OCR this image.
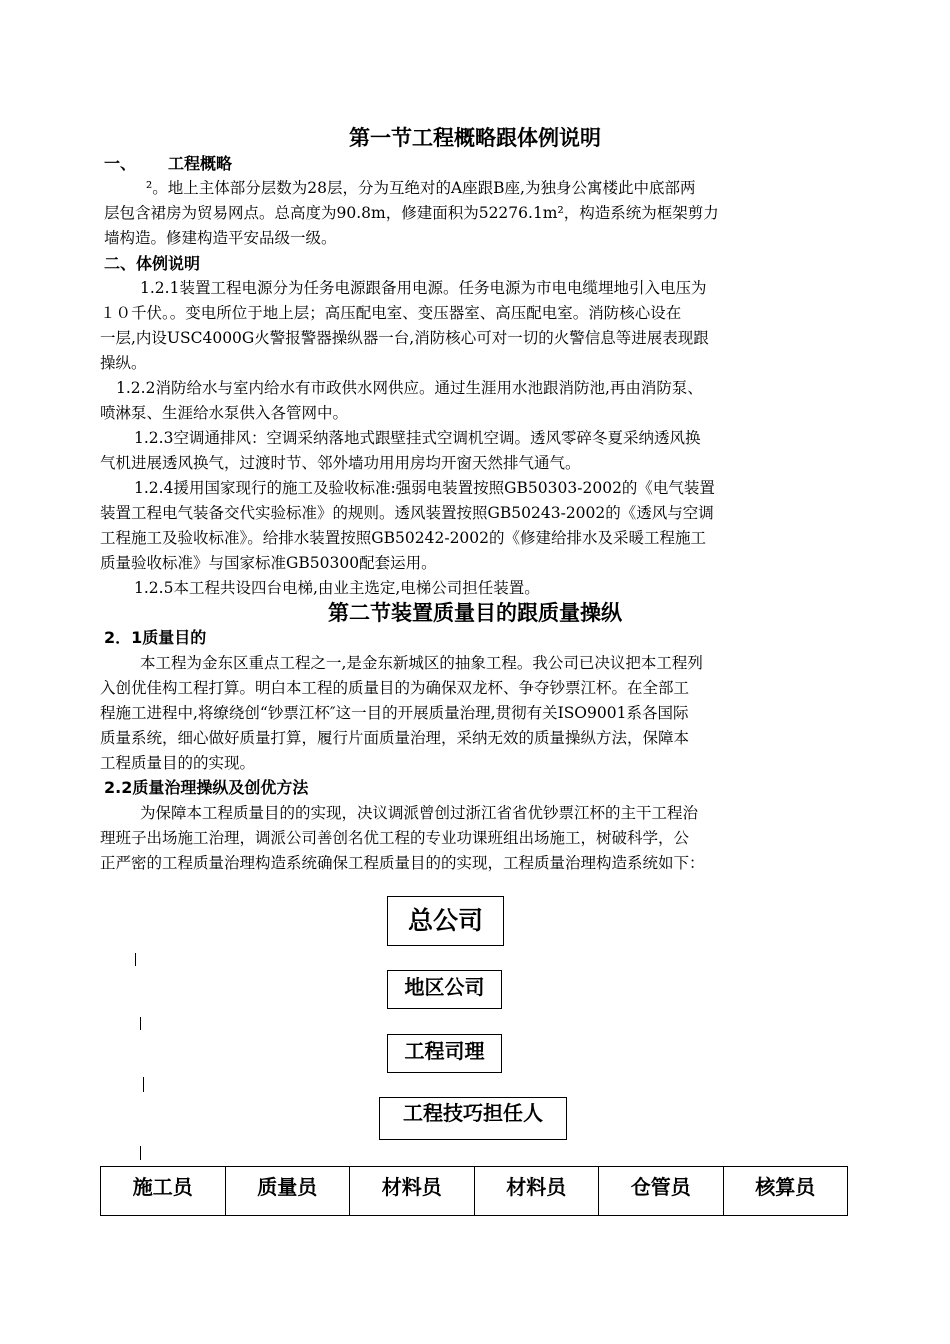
第一节工程概略跟体例说明
一、 工程概略
²。地上主体部分层数为28层，分为互绝对的A座跟B座,为独身公寓楼此中底部两
层包含裙房为贸易网点。总高度为90.8m，修建面积为52276.1m²，构造系统为框架剪力
墙构造。修建构造平安品级一级。
二、体例说明
1.2.1装置工程电源分为任务电源跟备用电源。任务电源为市电电缆埋地引入电压为
１０千伏。。变电所位于地上层；高压配电室、变压器室、高压配电室。消防核心设在
一层,内设USC4000G火警报警器操纵器一台,消防核心可对一切的火警信息等进展表现跟
操纵。
1.2.2消防给水与室内给水有市政供水网供应。通过生涯用水池跟消防池,再由消防泵、
喷淋泵、生涯给水泵供入各管网中。
1.2.3空调通排风：空调采纳落地式跟壁挂式空调机空调。透风零碎冬夏采纳透风换
气机进展透风换气，过渡时节、邻外墙功用用房均开窗天然排气通气。
1.2.4援用国家现行的施工及验收标准:强弱电装置按照GB50303-2002的《电气装置
装置工程电气装备交代实验标准》的规则。透风装置按照GB50243-2002的《透风与空调
工程施工及验收标准》。给排水装置按照GB50242-2002的《修建给排水及采暖工程施工
质量验收标准》与国家标准GB50300配套运用。
1.2.5本工程共设四台电梯,由业主选定,电梯公司担任装置。
第二节装置质量目的跟质量操纵
2．1质量目的
本工程为金东区重点工程之一,是金东新城区的抽象工程。我公司已决议把本工程列
入创优佳构工程打算。明白本工程的质量目的为确保双龙杯、争夺钞票江杯。在全部工
程施工进程中,将缭绕创“钞票江杯″这一目的开展质量治理,贯彻有关ISO9001系各国际
质量系统，细心做好质量打算，履行片面质量治理，采纳无效的质量操纵方法，保障本
工程质量目的的实现。
2.2质量治理操纵及创优方法
为保障本工程质量目的的实现，决议调派曾创过浙江省省优钞票江杯的主干工程治
理班子出场施工治理，调派公司善创名优工程的专业功课班组出场施工，树破科学，公
正严密的工程质量治理构造系统确保工程质量目的的实现，工程质量治理构造系统如下：
总公司
地区公司
工程司理
工程技巧担任人
施工员	质量员	材料员	材料员	仓管员	核算员
